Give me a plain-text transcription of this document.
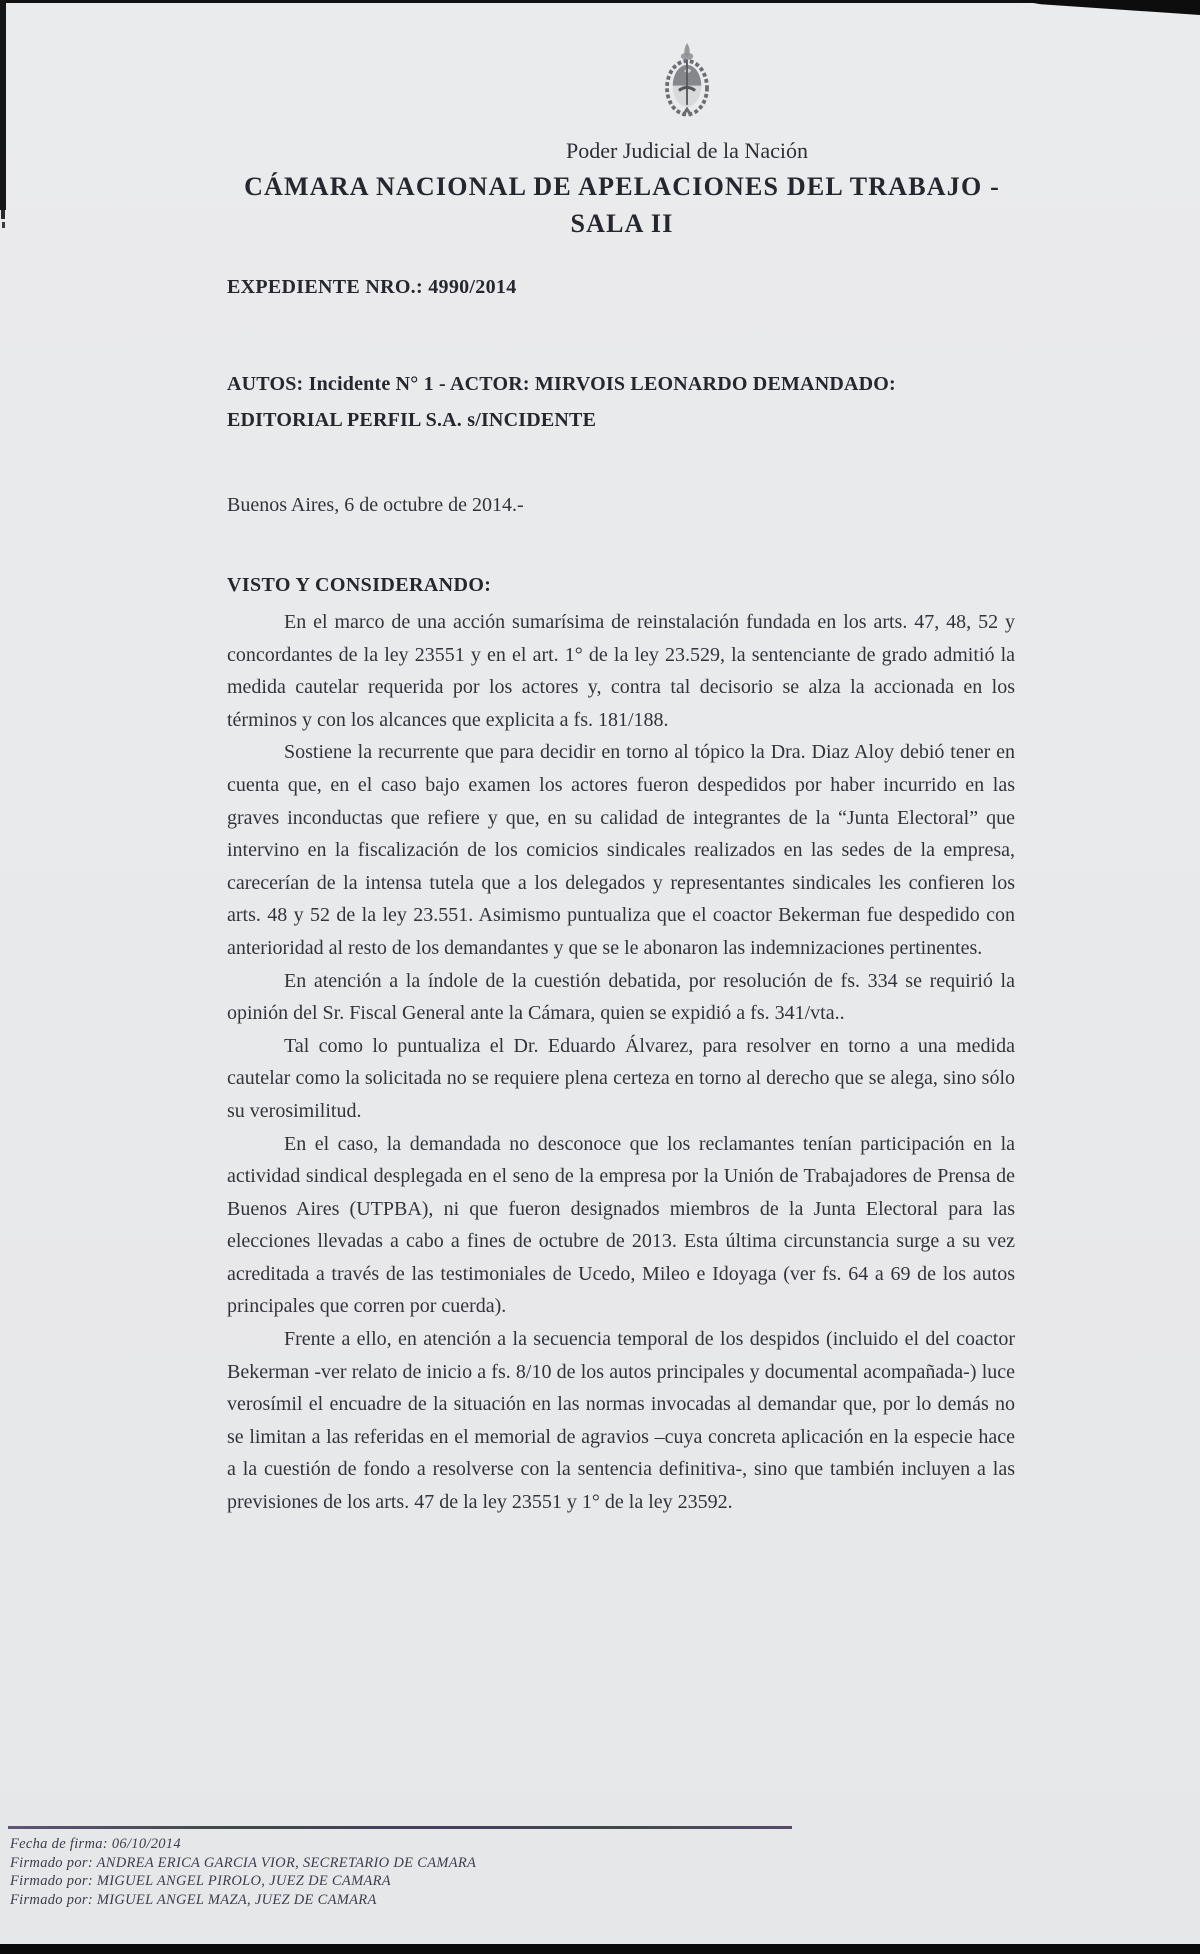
Poder Judicial de la Nación
CÁMARA NACIONAL DE APELACIONES DEL TRABAJO -
SALA II
EXPEDIENTE NRO.: 4990/2014
AUTOS: Incidente N° 1 - ACTOR: MIRVOIS LEONARDO DEMANDADO:
EDITORIAL PERFIL S.A. s/INCIDENTE
Buenos Aires, 6 de octubre de 2014.-
VISTO Y CONSIDERANDO:

En el marco de una acción sumarísima de reinstalación fundada en los arts. 47, 48, 52 y concordantes de la ley 23551 y en el art. 1° de la ley 23.529, la sentenciante de grado admitió la medida cautelar requerida por los actores y, contra tal decisorio se alza la accionada en los términos y con los alcances que explicita a fs. 181/188.

Sostiene la recurrente que para decidir en torno al tópico la Dra. Diaz Aloy debió tener en cuenta que, en el caso bajo examen los actores fueron despedidos por haber incurrido en las graves inconductas que refiere y que, en su calidad de integrantes de la “Junta Electoral” que intervino en la fiscalización de los comicios sindicales realizados en las sedes de la empresa, carecerían de la intensa tutela que a los delegados y representantes sindicales les confieren los arts. 48 y 52 de la ley 23.551. Asimismo puntualiza que el coactor Bekerman fue despedido con anterioridad al resto de los demandantes y que se le abonaron las indemnizaciones pertinentes.

En atención a la índole de la cuestión debatida, por resolución de fs. 334 se requirió la opinión del Sr. Fiscal General ante la Cámara, quien se expidió a fs. 341/vta..

Tal como lo puntualiza el Dr. Eduardo Álvarez, para resolver en torno a una medida cautelar como la solicitada no se requiere plena certeza en torno al derecho que se alega, sino sólo su verosimilitud.

En el caso, la demandada no desconoce que los reclamantes tenían participación en la actividad sindical desplegada en el seno de la empresa por la Unión de Trabajadores de Prensa de Buenos Aires (UTPBA), ni que fueron designados miembros de la Junta Electoral para las elecciones llevadas a cabo a fines de octubre de 2013. Esta última circunstancia surge a su vez acreditada a través de las testimoniales de Ucedo, Mileo e Idoyaga (ver fs. 64 a 69 de los autos principales que corren por cuerda).

Frente a ello, en atención a la secuencia temporal de los despidos (incluido el del coactor Bekerman -ver relato de inicio a fs. 8/10 de los autos principales y documental acompañada-) luce verosímil el encuadre de la situación en las normas invocadas al demandar que, por lo demás no se limitan a las referidas en el memorial de agravios –cuya concreta aplicación en la especie hace a la cuestión de fondo a resolverse con la sentencia definitiva-, sino que también incluyen a las previsiones de los arts. 47 de la ley 23551 y 1° de la ley 23592.

Fecha de firma: 06/10/2014
Firmado por: ANDREA ERICA GARCIA VIOR, SECRETARIO DE CAMARA
Firmado por: MIGUEL ANGEL PIROLO, JUEZ DE CAMARA
Firmado por: MIGUEL ANGEL MAZA, JUEZ DE CAMARA
